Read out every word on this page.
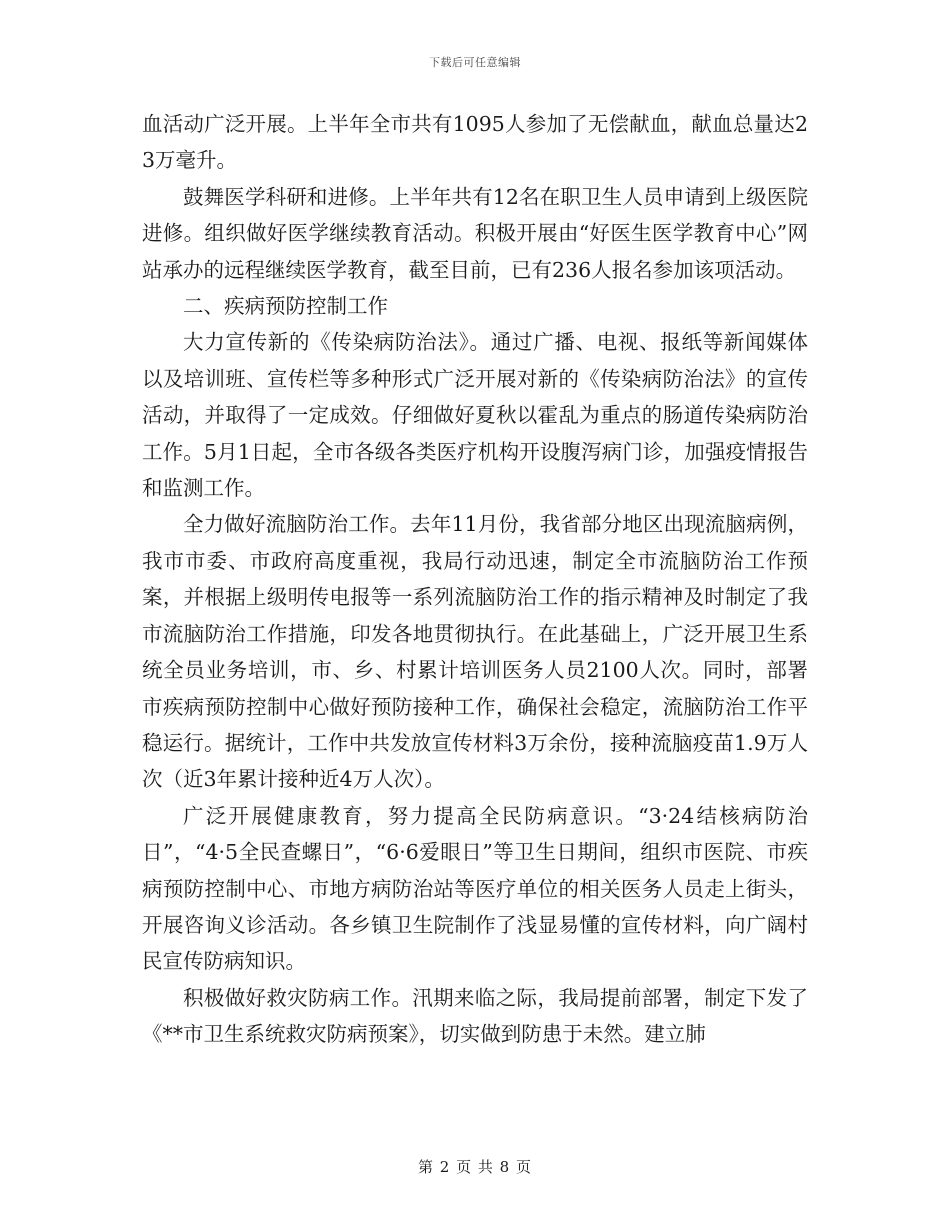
下载后可任意编辑

血活动广泛开展。上半年全市共有1095人参加了无偿献血，献血总量达23万毫升。

鼓舞医学科研和进修。上半年共有12名在职卫生人员申请到上级医院进修。组织做好医学继续教育活动。积极开展由“好医生医学教育中心”网站承办的远程继续医学教育，截至目前，已有236人报名参加该项活动。

二、疾病预防控制工作

大力宣传新的《传染病防治法》。通过广播、电视、报纸等新闻媒体以及培训班、宣传栏等多种形式广泛开展对新的《传染病防治法》的宣传活动，并取得了一定成效。仔细做好夏秋以霍乱为重点的肠道传染病防治工作。5月1日起，全市各级各类医疗机构开设腹泻病门诊，加强疫情报告和监测工作。

全力做好流脑防治工作。去年11月份，我省部分地区出现流脑病例，我市市委、市政府高度重视，我局行动迅速，制定全市流脑防治工作预案，并根据上级明传电报等一系列流脑防治工作的指示精神及时制定了我市流脑防治工作措施，印发各地贯彻执行。在此基础上，广泛开展卫生系统全员业务培训，市、乡、村累计培训医务人员2100人次。同时，部署市疾病预防控制中心做好预防接种工作，确保社会稳定，流脑防治工作平稳运行。据统计，工作中共发放宣传材料3万余份，接种流脑疫苗1.9万人次（近3年累计接种近4万人次）。

广泛开展健康教育，努力提高全民防病意识。“3·24结核病防治日”，“4·5全民查螺日”，“6·6爱眼日”等卫生日期间，组织市医院、市疾病预防控制中心、市地方病防治站等医疗单位的相关医务人员走上街头，开展咨询义诊活动。各乡镇卫生院制作了浅显易懂的宣传材料，向广阔村民宣传防病知识。

积极做好救灾防病工作。汛期来临之际，我局提前部署，制定下发了《**市卫生系统救灾防病预案》，切实做到防患于未然。建立肺

第 2 页 共 8 页
